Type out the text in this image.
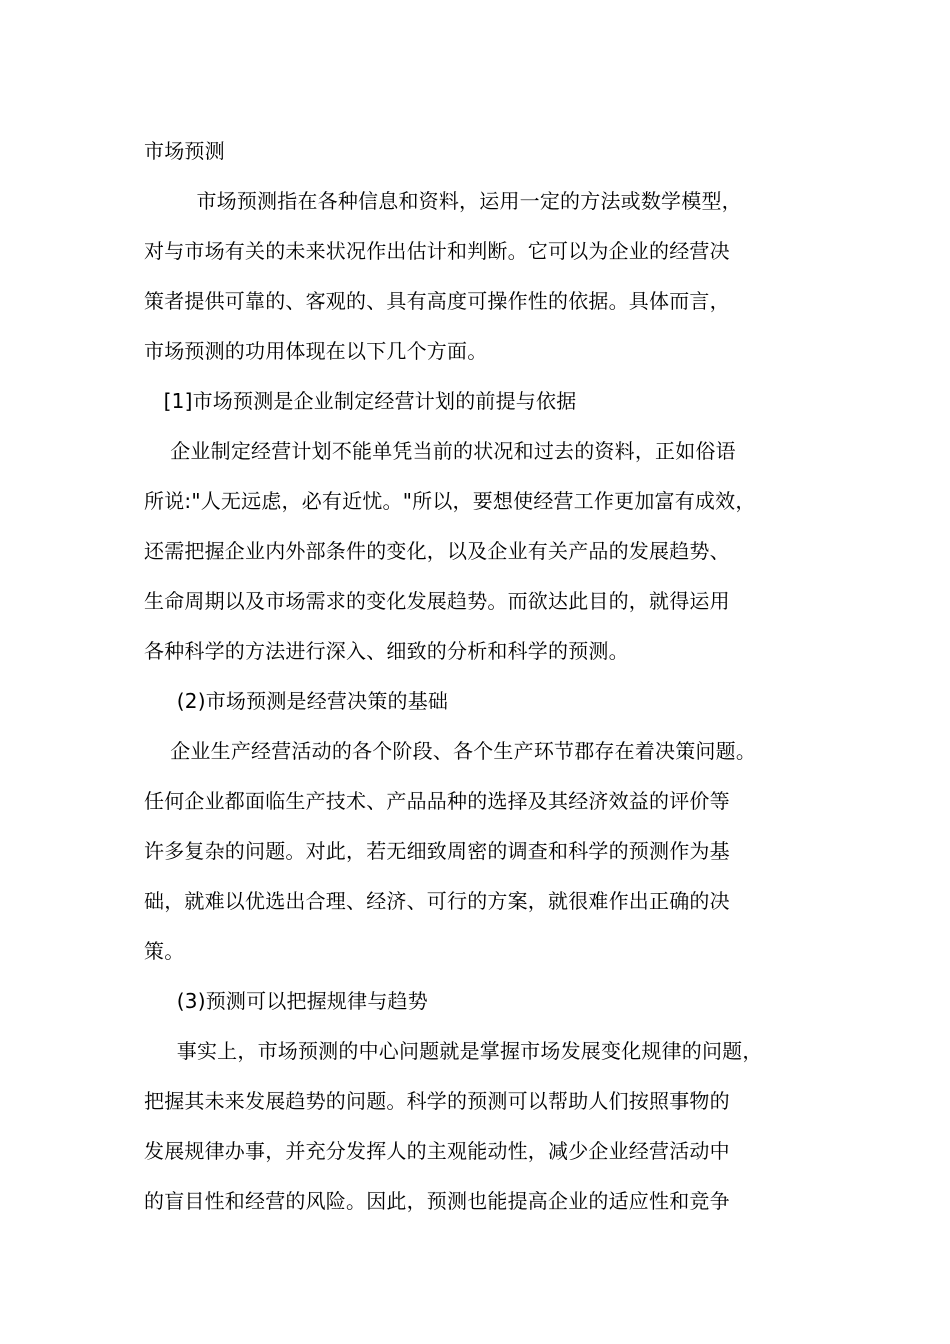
市场预测
市场预测指在各种信息和资料，运用一定的方法或数学模型，
对与市场有关的未来状况作出估计和判断。它可以为企业的经营决
策者提供可靠的、客观的、具有高度可操作性的依据。具体而言，
市场预测的功用体现在以下几个方面。
[1]市场预测是企业制定经营计划的前提与依据
企业制定经营计划不能单凭当前的状况和过去的资料，正如俗语
所说:"人无远虑，必有近忧。"所以，要想使经营工作更加富有成效，
还需把握企业内外部条件的变化，以及企业有关产品的发展趋势、
生命周期以及市场需求的变化发展趋势。而欲达此目的，就得运用
各种科学的方法进行深入、细致的分析和科学的预测。
(2)市场预测是经营决策的基础
企业生产经营活动的各个阶段、各个生产环节郡存在着决策问题。
任何企业都面临生产技术、产品品种的选择及其经济效益的评价等
许多复杂的问题。对此，若无细致周密的调查和科学的预测作为基
础，就难以优选出合理、经济、可行的方案，就很难作出正确的决
策。
(3)预测可以把握规律与趋势
事实上，市场预测的中心问题就是掌握市场发展变化规律的问题，
把握其未来发展趋势的问题。科学的预测可以帮助人们按照事物的
发展规律办事，并充分发挥人的主观能动性，减少企业经营活动中
的盲目性和经营的风险。因此，预测也能提高企业的适应性和竞争
